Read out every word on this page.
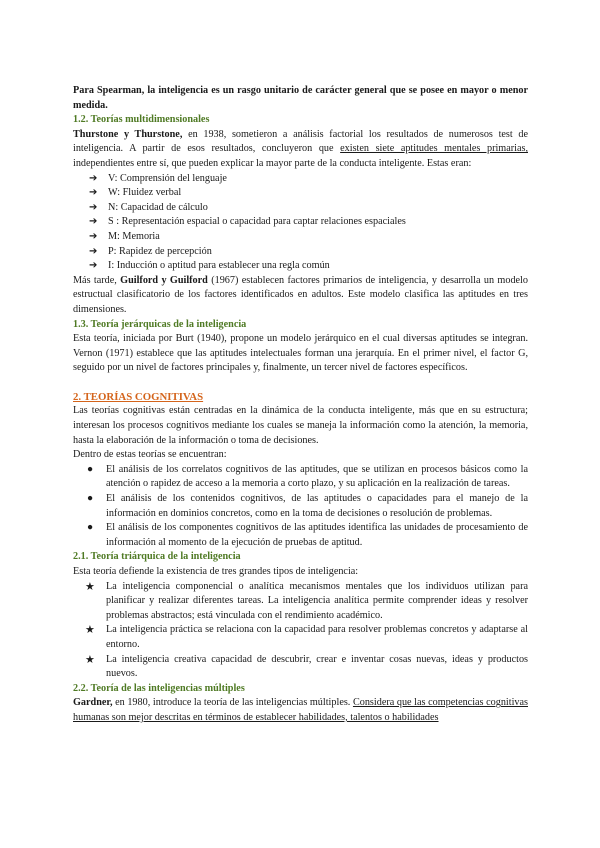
Para Spearman, la inteligencia es un rasgo unitario de carácter general que se posee en mayor o menor medida.

1.2. Teorías multidimensionales

Thurstone y Thurstone, en 1938, sometieron a análisis factorial los resultados de numerosos test de inteligencia. A partir de esos resultados, concluyeron que existen siete aptitudes mentales primarias, independientes entre sí, que pueden explicar la mayor parte de la conducta inteligente. Estas eran:

➔ V: Comprensión del lenguaje
➔ W: Fluidez verbal
➔ N: Capacidad de cálculo
➔ S : Representación espacial o capacidad para captar relaciones espaciales
➔ M: Memoria
➔ P: Rapidez de percepción
➔ I: Inducción o aptitud para establecer una regla común

Más tarde, Guilford y Guilford (1967) establecen factores primarios de inteligencia, y desarrolla un modelo estructual clasificatorio de los factores identificados en adultos. Este modelo clasifica las aptitudes en tres dimensiones.

1.3. Teoría jerárquicas de la inteligencia

Esta teoría, iniciada por Burt (1940), propone un modelo jerárquico en el cual diversas aptitudes se integran. Vernon (1971) establece que las aptitudes intelectuales forman una jerarquía. En el primer nivel, el factor G, seguido por un nivel de factores principales y, finalmente, un tercer nivel de factores específicos.

2. TEORÍAS COGNITIVAS

Las teorías cognitivas están centradas en la dinámica de la conducta inteligente, más que en su estructura; interesan los procesos cognitivos mediante los cuales se maneja la información como la atención, la memoria, hasta la elaboración de la información o toma de decisiones.

Dentro de estas teorías se encuentran:

● El análisis de los correlatos cognitivos de las aptitudes, que se utilizan en procesos básicos como la atención o rapidez de acceso a la memoria a corto plazo, y su aplicación en la realización de tareas.
● El análisis de los contenidos cognitivos, de las aptitudes o capacidades para el manejo de la información en dominios concretos, como en la toma de decisiones o resolución de problemas.
● El análisis de los componentes cognitivos de las aptitudes identifica las unidades de procesamiento de información al momento de la ejecución de pruebas de aptitud.

2.1. Teoría triárquica de la inteligencia

Esta teoría defiende la existencia de tres grandes tipos de inteligencia:

★ La inteligencia componencial o analítica mecanismos mentales que los individuos utilizan para planificar y realizar diferentes tareas. La inteligencia analítica permite comprender ideas y resolver problemas abstractos; está vinculada con el rendimiento académico.
★ La inteligencia práctica se relaciona con la capacidad para resolver problemas concretos y adaptarse al entorno.
★ La inteligencia creativa capacidad de descubrir, crear e inventar cosas nuevas, ideas y productos nuevos.

2.2. Teoría de las inteligencias múltiples

Gardner, en 1980, introduce la teoría de las inteligencias múltiples. Considera que las competencias cognitivas humanas son mejor descritas en términos de establecer habilidades, talentos o habilidades
